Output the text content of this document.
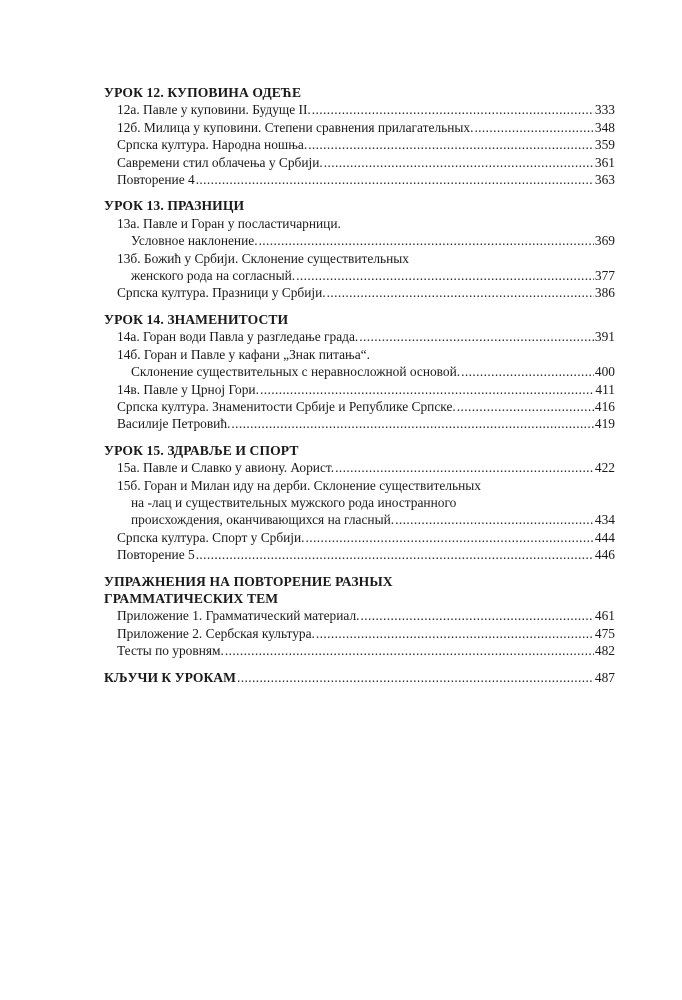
УРОК 12. КУПОВИНА ОДЕЋЕ
12а. Павле у куповини. Будуще II. .....	333
12б. Милица у куповини. Степени сравнения прилагательных. .....	348
Српска култура. Народна ношња. .....	359
Савремени стил облачења у Србији. .....	361
Повторение 4 .....	363
УРОК 13. ПРАЗНИЦИ
13а. Павле и Горан у посластичарници.
Условное наклонение. .....	369
13б. Божић у Србији. Склонение существительных
женского рода на согласный. .....	377
Српска култура. Празници у Србији. .....	386
УРОК 14. ЗНАМЕНИТОСТИ
14а. Горан води Павла у разгледање града. .....	391
14б. Горан и Павле у кафани „Знак питања“.
Склонение существительных с неравносложной основой. .....	400
14в. Павле у Црној Гори. .....	411
Српска култура. Знаменитости Србије и Републике Српске. .....	416
Василије Петровић. .....	419
УРОК 15. ЗДРАВЉЕ И СПОРТ
15а. Павле и Славко у авиону. Аорист. .....	422
15б. Горан и Милан иду на дерби. Склонение существительных
на -лац и существительных мужского рода иностранного
происхождения, оканчивающихся на гласный. .....	434
Српска култура. Спорт у Србији. .....	444
Повторение 5 .....	446
УПРАЖНЕНИЯ НА ПОВТОРЕНИЕ РАЗНЫХ ГРАММАТИЧЕСКИХ ТЕМ
Приложение 1. Грамматический материал. .....	461
Приложение 2. Сербская культура. .....	475
Тесты по уровням. .....	482
КЉУЧИ К УРОКАМ .....	487
